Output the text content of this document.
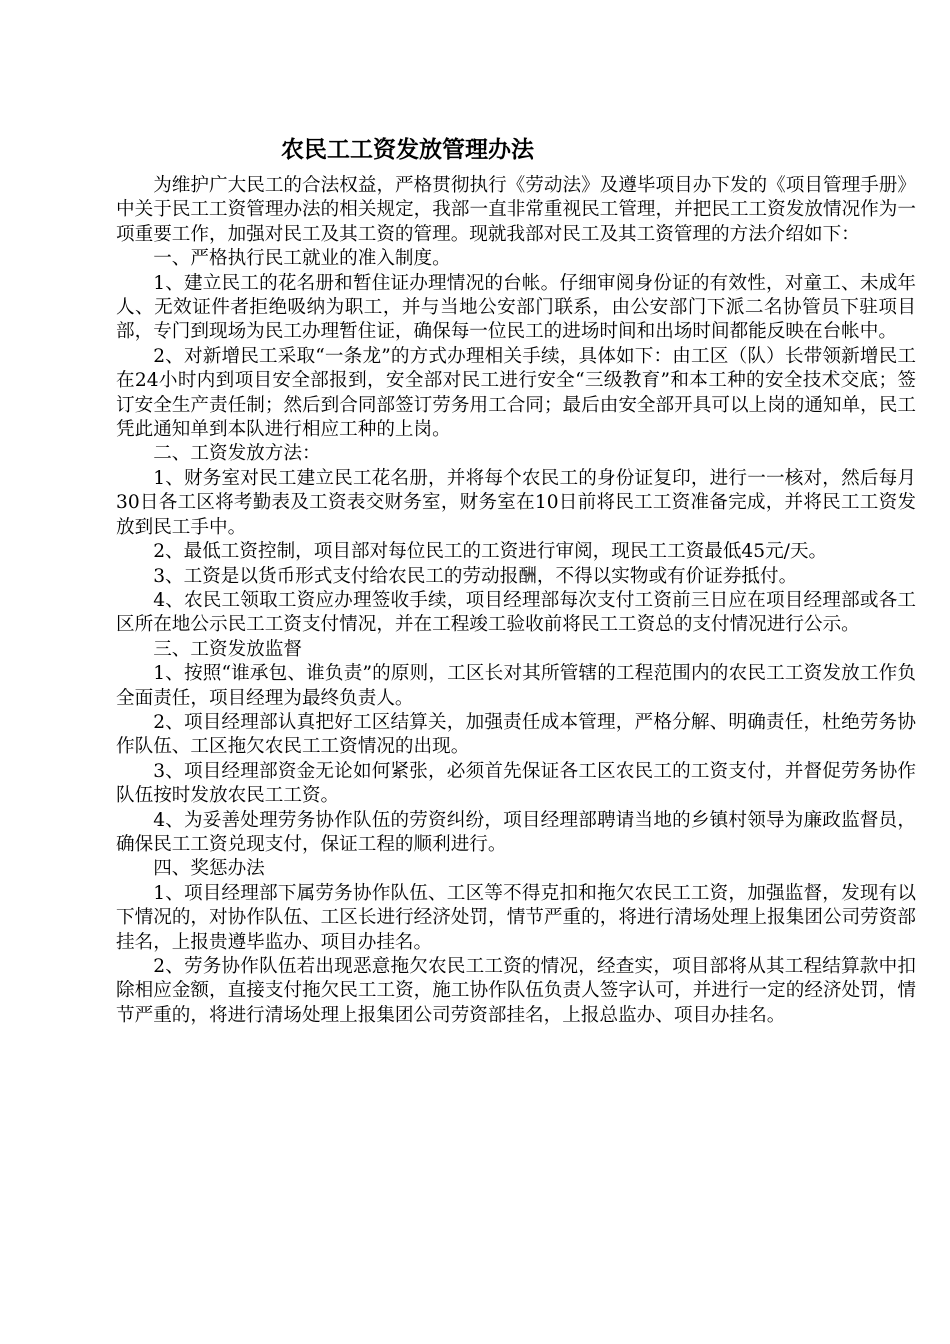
农民工工资发放管理办法

为维护广大民工的合法权益，严格贯彻执行《劳动法》及遵毕项目办下发的《项目管理手册》中关于民工工资管理办法的相关规定，我部一直非常重视民工管理，并把民工工资发放情况作为一项重要工作，加强对民工及其工资的管理。现就我部对民工及其工资管理的方法介绍如下：

一、严格执行民工就业的准入制度。

1、建立民工的花名册和暂住证办理情况的台帐。仔细审阅身份证的有效性，对童工、未成年人、无效证件者拒绝吸纳为职工，并与当地公安部门联系，由公安部门下派二名协管员下驻项目部，专门到现场为民工办理暂住证，确保每一位民工的进场时间和出场时间都能反映在台帐中。

2、对新增民工采取“一条龙”的方式办理相关手续，具体如下：由工区（队）长带领新增民工在24小时内到项目安全部报到，安全部对民工进行安全“三级教育”和本工种的安全技术交底；签订安全生产责任制；然后到合同部签订劳务用工合同；最后由安全部开具可以上岗的通知单，民工凭此通知单到本队进行相应工种的上岗。

二、工资发放方法：

1、财务室对民工建立民工花名册，并将每个农民工的身份证复印，进行一一核对，然后每月30日各工区将考勤表及工资表交财务室，财务室在10日前将民工工资准备完成，并将民工工资发放到民工手中。

2、最低工资控制，项目部对每位民工的工资进行审阅，现民工工资最低45元/天。

3、工资是以货币形式支付给农民工的劳动报酬，不得以实物或有价证券抵付。

4、农民工领取工资应办理签收手续，项目经理部每次支付工资前三日应在项目经理部或各工区所在地公示民工工资支付情况，并在工程竣工验收前将民工工资总的支付情况进行公示。

三、工资发放监督

1、按照“谁承包、谁负责”的原则，工区长对其所管辖的工程范围内的农民工工资发放工作负全面责任，项目经理为最终负责人。

2、项目经理部认真把好工区结算关，加强责任成本管理，严格分解、明确责任，杜绝劳务协作队伍、工区拖欠农民工工资情况的出现。

3、项目经理部资金无论如何紧张，必须首先保证各工区农民工的工资支付，并督促劳务协作队伍按时发放农民工工资。

4、为妥善处理劳务协作队伍的劳资纠纷，项目经理部聘请当地的乡镇村领导为廉政监督员，确保民工工资兑现支付，保证工程的顺利进行。

四、奖惩办法

1、项目经理部下属劳务协作队伍、工区等不得克扣和拖欠农民工工资，加强监督，发现有以下情况的，对协作队伍、工区长进行经济处罚，情节严重的，将进行清场处理上报集团公司劳资部挂名，上报贵遵毕监办、项目办挂名。

2、劳务协作队伍若出现恶意拖欠农民工工资的情况，经查实，项目部将从其工程结算款中扣除相应金额，直接支付拖欠民工工资，施工协作队伍负责人签字认可，并进行一定的经济处罚，情节严重的，将进行清场处理上报集团公司劳资部挂名，上报总监办、项目办挂名。
